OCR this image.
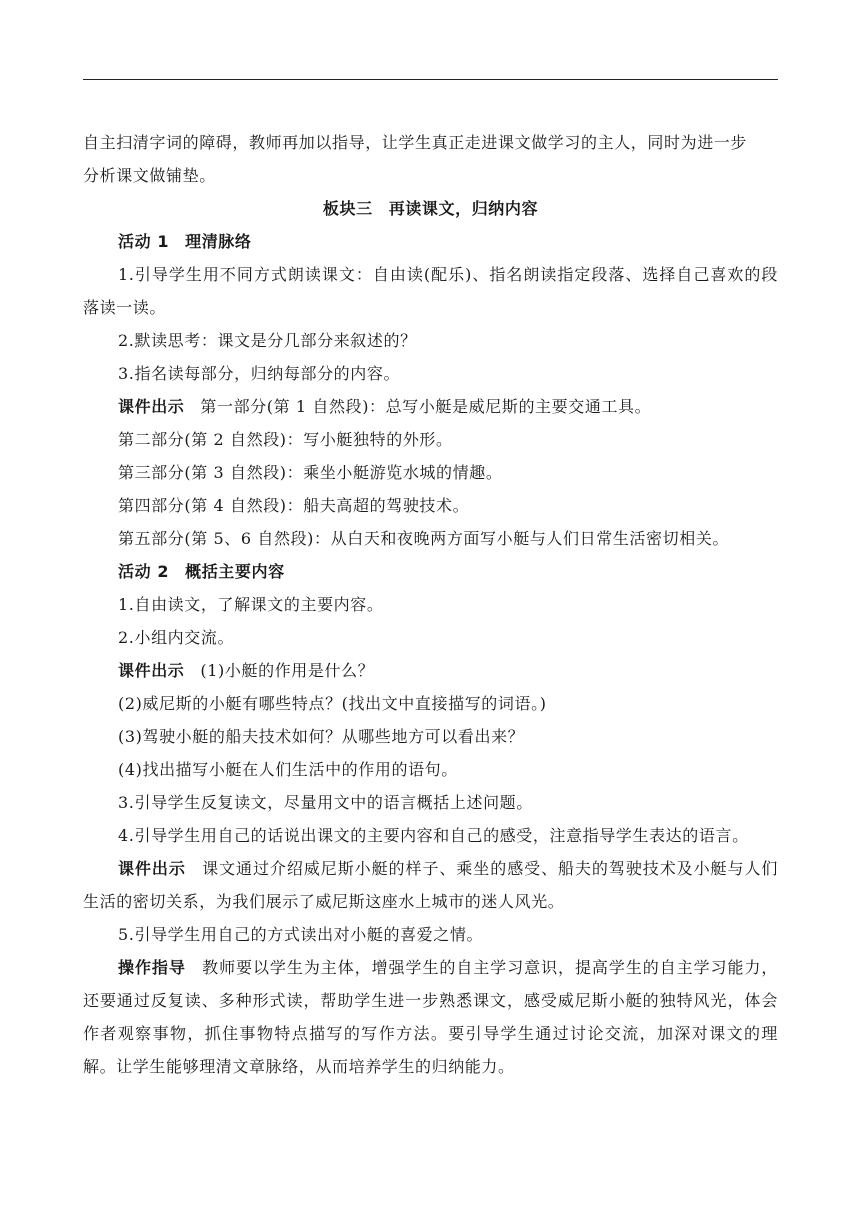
自主扫清字词的障碍，教师再加以指导，让学生真正走进课文做学习的主人，同时为进一步

分析课文做铺垫。

板块三 再读课文，归纳内容

活动 1 理清脉络

1.引导学生用不同方式朗读课文：自由读(配乐)、指名朗读指定段落、选择自己喜欢的段落读一读。

2.默读思考：课文是分几部分来叙述的？

3.指名读每部分，归纳每部分的内容。

课件出示 第一部分(第 1 自然段)：总写小艇是威尼斯的主要交通工具。

第二部分(第 2 自然段)：写小艇独特的外形。

第三部分(第 3 自然段)：乘坐小艇游览水城的情趣。

第四部分(第 4 自然段)：船夫高超的驾驶技术。

第五部分(第 5、6 自然段)：从白天和夜晚两方面写小艇与人们日常生活密切相关。

活动 2 概括主要内容

1.自由读文，了解课文的主要内容。

2.小组内交流。

课件出示 (1)小艇的作用是什么？

(2)威尼斯的小艇有哪些特点？(找出文中直接描写的词语。)

(3)驾驶小艇的船夫技术如何？从哪些地方可以看出来？

(4)找出描写小艇在人们生活中的作用的语句。

3.引导学生反复读文，尽量用文中的语言概括上述问题。

4.引导学生用自己的话说出课文的主要内容和自己的感受，注意指导学生表达的语言。

课件出示 课文通过介绍威尼斯小艇的样子、乘坐的感受、船夫的驾驶技术及小艇与人们生活的密切关系，为我们展示了威尼斯这座水上城市的迷人风光。

5.引导学生用自己的方式读出对小艇的喜爱之情。

操作指导 教师要以学生为主体，增强学生的自主学习意识，提高学生的自主学习能力，还要通过反复读、多种形式读，帮助学生进一步熟悉课文，感受威尼斯小艇的独特风光，体会作者观察事物，抓住事物特点描写的写作方法。要引导学生通过讨论交流，加深对课文的理解。让学生能够理清文章脉络，从而培养学生的归纳能力。
